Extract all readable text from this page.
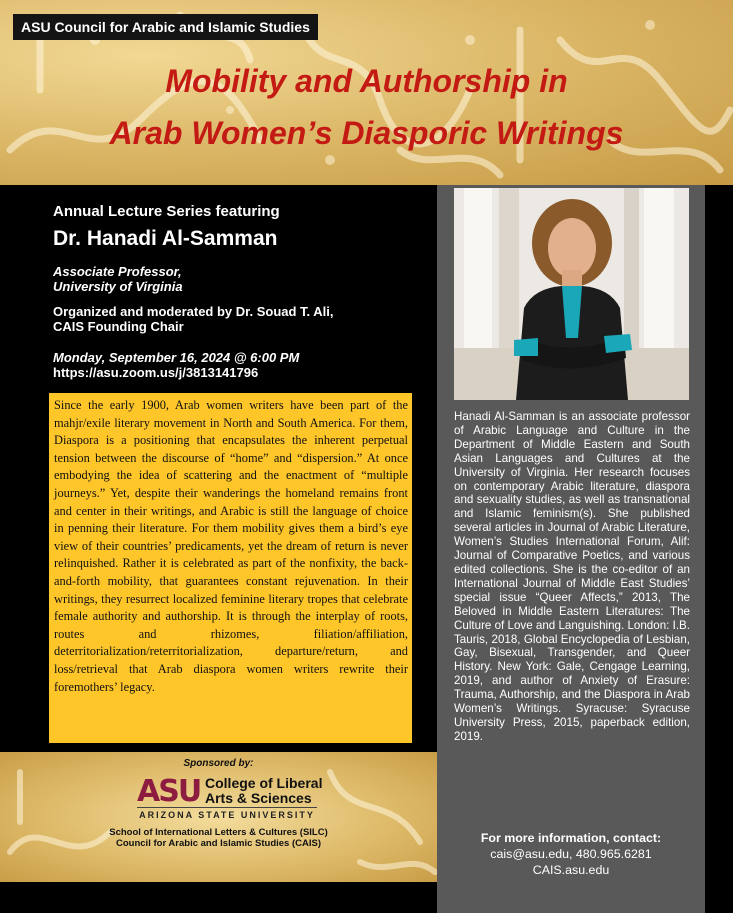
ASU Council for Arabic and Islamic Studies
Mobility and Authorship in
Arab Women’s Diasporic Writings
Annual Lecture Series featuring
Dr. Hanadi Al-Samman
Associate Professor,
University of Virginia
Organized and moderated by Dr. Souad T. Ali,
CAIS Founding Chair
Monday, September 16, 2024 @ 6:00 PM
https://asu.zoom.us/j/3813141796
Since the early 1900, Arab women writers have been part of the mahjr/exile literary movement in North and South America. For them, Diaspora is a positioning that encapsulates the inherent perpetual tension between the discourse of “home” and “dispersion.” At once embodying the idea of scattering and the enactment of “multiple journeys.” Yet, despite their wanderings the homeland remains front and center in their writings, and Arabic is still the language of choice in penning their literature. For them mobility gives them a bird’s eye view of their countries’ predicaments, yet the dream of return is never relinquished. Rather it is celebrated as part of the nonfixity, the back-and-forth mobility, that guarantees constant rejuvenation. In their writings, they resurrect localized feminine literary tropes that celebrate female authority and authorship. It is through the interplay of roots, routes and rhizomes, filiation/affiliation, deterritorialization/reterritorialization, departure/return, and loss/retrieval that Arab diaspora women writers rewrite their foremothers’ legacy.
Sponsored by:
ASU College of Liberal
Arts & Sciences
ARIZONA STATE UNIVERSITY
School of International Letters & Cultures (SILC)
Council for Arabic and Islamic Studies (CAIS)
Hanadi Al-Samman is an associate professor of Arabic Language and Culture in the Department of Middle Eastern and South Asian Languages and Cultures at the University of Virginia. Her research focuses on contemporary Arabic literature, diaspora and sexuality studies, as well as transnational and Islamic feminism(s). She published several articles in Journal of Arabic Literature, Women’s Studies International Forum, Alif: Journal of Comparative Poetics, and various edited collections. She is the co-editor of an International Journal of Middle East Studies’ special issue “Queer Affects,” 2013, The Beloved in Middle Eastern Literatures: The Culture of Love and Languishing. London: I.B. Tauris, 2018, Global Encyclopedia of Lesbian, Gay, Bisexual, Transgender, and Queer History. New York: Gale, Cengage Learning, 2019, and author of Anxiety of Erasure: Trauma, Authorship, and the Diaspora in Arab Women’s Writings. Syracuse: Syracuse University Press, 2015, paperback edition, 2019.
For more information, contact:
cais@asu.edu, 480.965.6281
CAIS.asu.edu
